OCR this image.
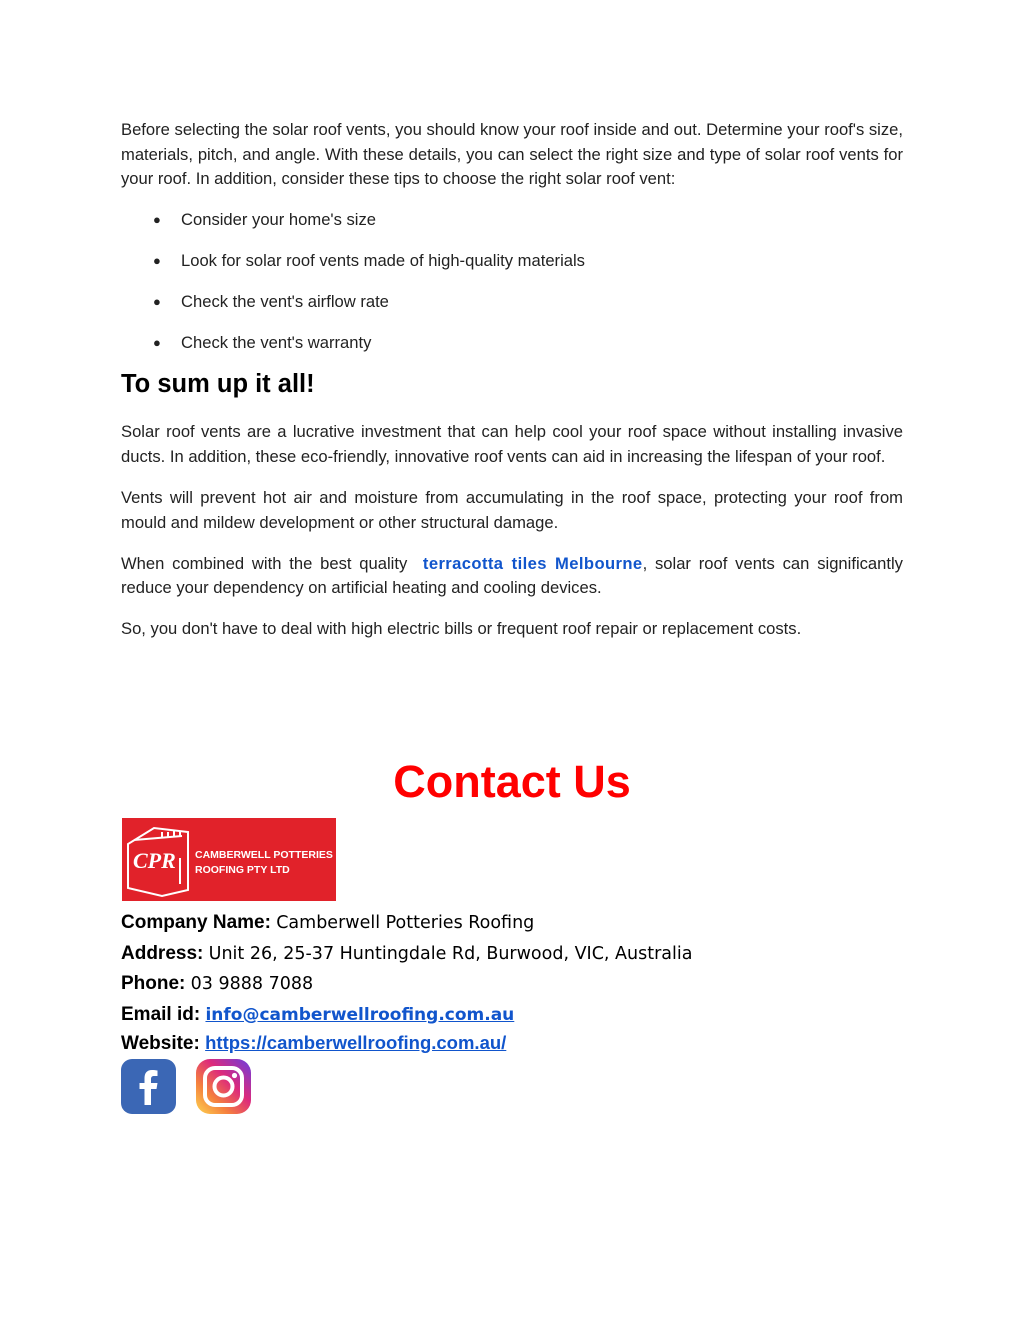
Before selecting the solar roof vents, you should know your roof inside and out. Determine your roof's size, materials, pitch, and angle. With these details, you can select the right size and type of solar roof vents for your roof. In addition, consider these tips to choose the right solar roof vent:

● Consider your home's size
● Look for solar roof vents made of high-quality materials
● Check the vent's airflow rate
● Check the vent's warranty
To sum up it all!

Solar roof vents are a lucrative investment that can help cool your roof space without installing invasive ducts. In addition, these eco-friendly, innovative roof vents can aid in increasing the lifespan of your roof.

Vents will prevent hot air and moisture from accumulating in the roof space, protecting your roof from mould and mildew development or other structural damage.

When combined with the best quality  terracotta tiles Melbourne, solar roof vents can significantly reduce your dependency on artificial heating and cooling devices.

So, you don't have to deal with high electric bills or frequent roof repair or replacement costs.

Contact Us
CPR CAMBERWELL POTTERIES
ROOFING PTY LTD
Company Name: Camberwell Potteries Roofing
Address: Unit 26, 25-37 Huntingdale Rd, Burwood, VIC, Australia
Phone: 03 9888 7088
Email id: info@camberwellroofing.com.au
Website: https://camberwellroofing.com.au/
